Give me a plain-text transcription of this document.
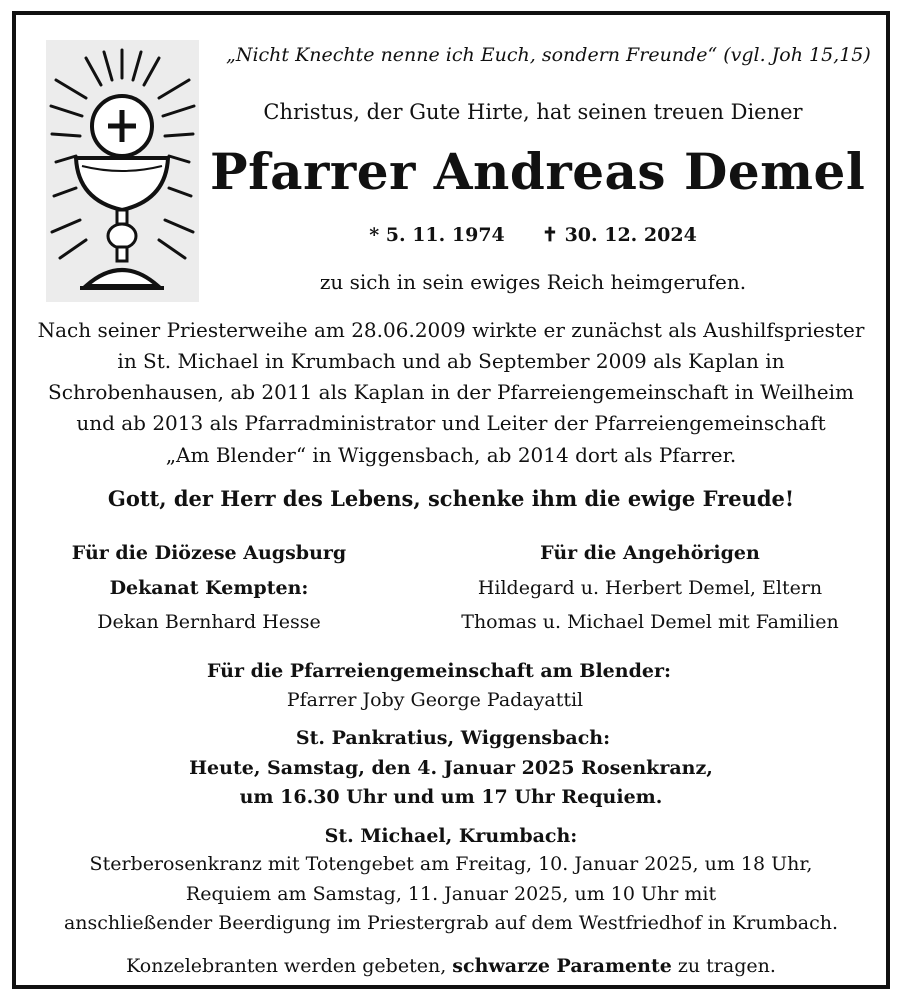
„Nicht Knechte nenne ich Euch, sondern Freunde“ (vgl. Joh 15,15)
Christus, der Gute Hirte, hat seinen treuen Diener
Pfarrer Andreas Demel
* 5. 11. 1974 ✝ 30. 12. 2024
zu sich in sein ewiges Reich heimgerufen.
Nach seiner Priesterweihe am 28.06.2009 wirkte er zunächst als Aushilfspriester
in St. Michael in Krumbach und ab September 2009 als Kaplan in
Schrobenhausen, ab 2011 als Kaplan in der Pfarreiengemeinschaft in Weilheim
und ab 2013 als Pfarradministrator und Leiter der Pfarreiengemeinschaft
„Am Blender“ in Wiggensbach, ab 2014 dort als Pfarrer.
Gott, der Herr des Lebens, schenke ihm die ewige Freude!
Für die Diözese Augsburg
Dekanat Kempten:
Dekan Bernhard Hesse
Für die Angehörigen
Hildegard u. Herbert Demel, Eltern
Thomas u. Michael Demel mit Familien
Für die Pfarreiengemeinschaft am Blender:
Pfarrer Joby George Padayattil
St. Pankratius, Wiggensbach:
Heute, Samstag, den 4. Januar 2025 Rosenkranz,
um 16.30 Uhr und um 17 Uhr Requiem.
St. Michael, Krumbach:
Sterberosenkranz mit Totengebet am Freitag, 10. Januar 2025, um 18 Uhr,
Requiem am Samstag, 11. Januar 2025, um 10 Uhr mit
anschließender Beerdigung im Priestergrab auf dem Westfriedhof in Krumbach.
Konzelebranten werden gebeten, schwarze Paramente zu tragen.
